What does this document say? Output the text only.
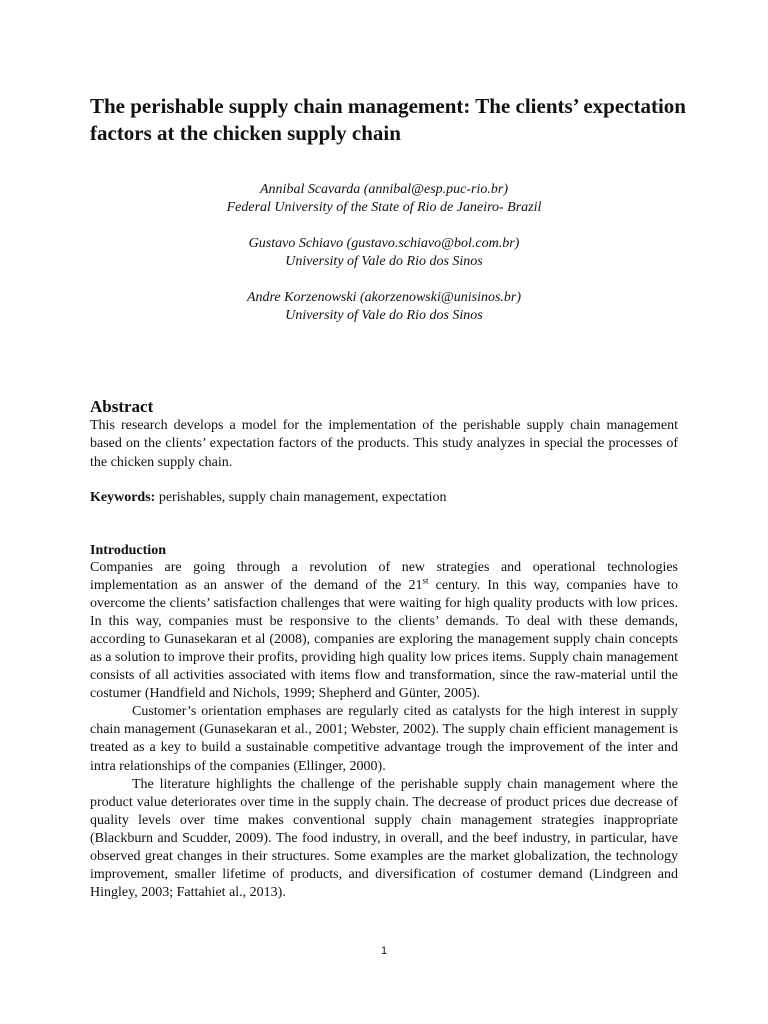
The perishable supply chain management: The clients’ expectation factors at the chicken supply chain
Annibal Scavarda (annibal@esp.puc-rio.br)
Federal University of the State of Rio de Janeiro- Brazil
Gustavo Schiavo (gustavo.schiavo@bol.com.br)
University of Vale do Rio dos Sinos
Andre Korzenowski (akorzenowski@unisinos.br)
University of Vale do Rio dos Sinos
Abstract

This research develops a model for the implementation of the perishable supply chain management based on the clients’ expectation factors of the products. This study analyzes in special the processes of the chicken supply chain.

Keywords: perishables, supply chain management, expectation

Introduction

Companies are going through a revolution of new strategies and operational technologies implementation as an answer of the demand of the 21st century. In this way, companies have to overcome the clients’ satisfaction challenges that were waiting for high quality products with low prices. In this way, companies must be responsive to the clients’ demands. To deal with these demands, according to Gunasekaran et al (2008), companies are exploring the management supply chain concepts as a solution to improve their profits, providing high quality low prices items. Supply chain management consists of all activities associated with items flow and transformation, since the raw-material until the costumer (Handfield and Nichols, 1999; Shepherd and Günter, 2005).

Customer’s orientation emphases are regularly cited as catalysts for the high interest in supply chain management (Gunasekaran et al., 2001; Webster, 2002). The supply chain efficient management is treated as a key to build a sustainable competitive advantage trough the improvement of the inter and intra relationships of the companies (Ellinger, 2000).

The literature highlights the challenge of the perishable supply chain management where the product value deteriorates over time in the supply chain. The decrease of product prices due decrease of quality levels over time makes conventional supply chain management strategies inappropriate (Blackburn and Scudder, 2009). The food industry, in overall, and the beef industry, in particular, have observed great changes in their structures. Some examples are the market globalization, the technology improvement, smaller lifetime of products, and diversification of costumer demand (Lindgreen and Hingley, 2003; Fattahiet al., 2013).

1
